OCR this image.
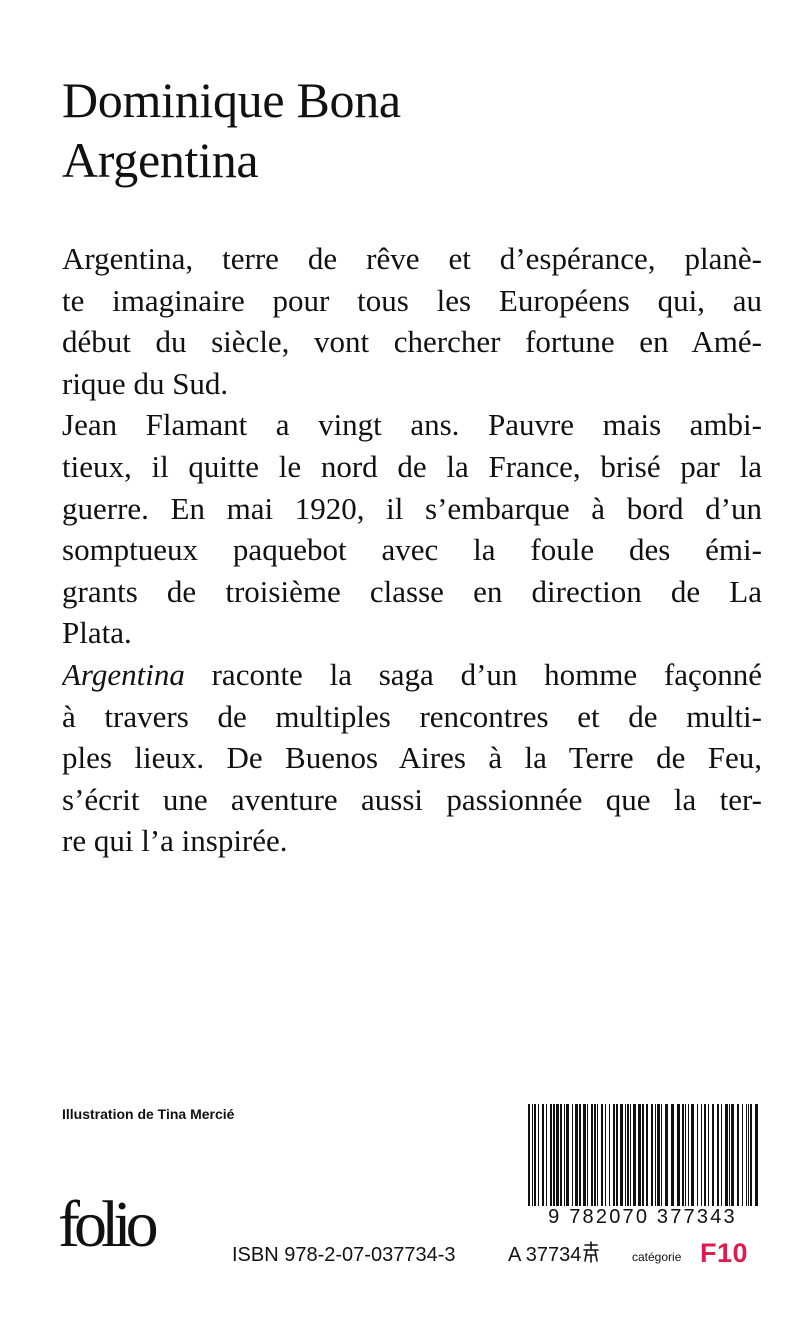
Dominique Bona
Argentina
Argentina, terre de rêve et d’espérance, planè-
te imaginaire pour tous les Européens qui, au
début du siècle, vont chercher fortune en Amé-
rique du Sud.
Jean Flamant a vingt ans. Pauvre mais ambi-
tieux, il quitte le nord de la France, brisé par la
guerre. En mai 1920, il s’embarque à bord d’un
somptueux paquebot avec la foule des émi-
grants de troisième classe en direction de La
Plata.
Argentina raconte la saga d’un homme façonné
à travers de multiples rencontres et de multi-
ples lieux. De Buenos Aires à la Terre de Feu,
s’écrit une aventure aussi passionnée que la ter-
re qui l’a inspirée.
Illustration de Tina Mercié
folio	9 782070 377343
ISBN 978-2-07-037734-3	A 37734	catégorie F10
